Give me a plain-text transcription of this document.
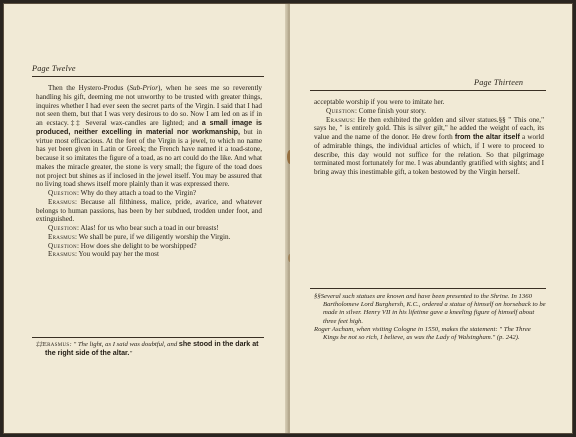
Page Twelve

Then the Hystero-Produs (Sub-Prior), when he sees me so reverently handling his gift, deeming me not unworthy to be trusted with greater things, inquires whether I had ever seen the secret parts of the Virgin. I said that I had not seen them, but that I was very desirous to do so. Now I am led on as if in an ecstacy.‡‡ Several wax-candles are lighted; and a small image is produced, neither excelling in material nor workmanship, but in virtue most efficacious. At the feet of the Virgin is a jewel, to which no name has yet been given in Latin or Greek; the French have named it a toad-stone, because it so imitates the figure of a toad, as no art could do the like. And what makes the miracle greater, the stone is very small; the figure of the toad does not project but shines as if inclosed in the jewel itself. You may be assured that no living toad shews itself more plainly than it was expressed there.

Question: Why do they attach a toad to the Virgin?

Erasmus: Because all filthiness, malice, pride, avarice, and whatever belongs to human passions, has been by her subdued, trodden under foot, and extinguished.

Question: Alas! for us who bear such a toad in our breasts!

Erasmus: We shall be pure, if we diligently worship the Virgin.

Question: How does she delight to be worshipped?

Erasmus: You would pay her the most

‡‡Erasmus: " The light, as I said was doubtful, and she stood in the dark at the right side of the altar."

Page Thirteen

acceptable worship if you were to imitate her.

Question: Come finish your story.

Erasmus: He then exhibited the golden and silver statues.§§ " This one," says he, " is entirely gold. This is silver gilt," he added the weight of each, its value and the name of the donor. He drew forth from the altar itself a world of admirable things, the individual articles of which, if I were to proceed to describe, this day would not suffice for the relation. So that pilgrimage terminated most fortunately for me. I was abundantly gratified with sights; and I bring away this inestimable gift, a token bestowed by the Virgin herself.

§§Several such statues are known and have been presented to the Shrine. In 1360 Bartholomew Lord Burghersh, K.C., ordered a statue of himself on horseback to be made in silver. Henry VII in his lifetime gave a kneeling figure of himself about three feet high.

Roger Ascham, when visiting Cologne in 1550, makes the statement: " The Three Kings be not so rich, I believe, as was the Lady of Walsingham." (p. 242).
